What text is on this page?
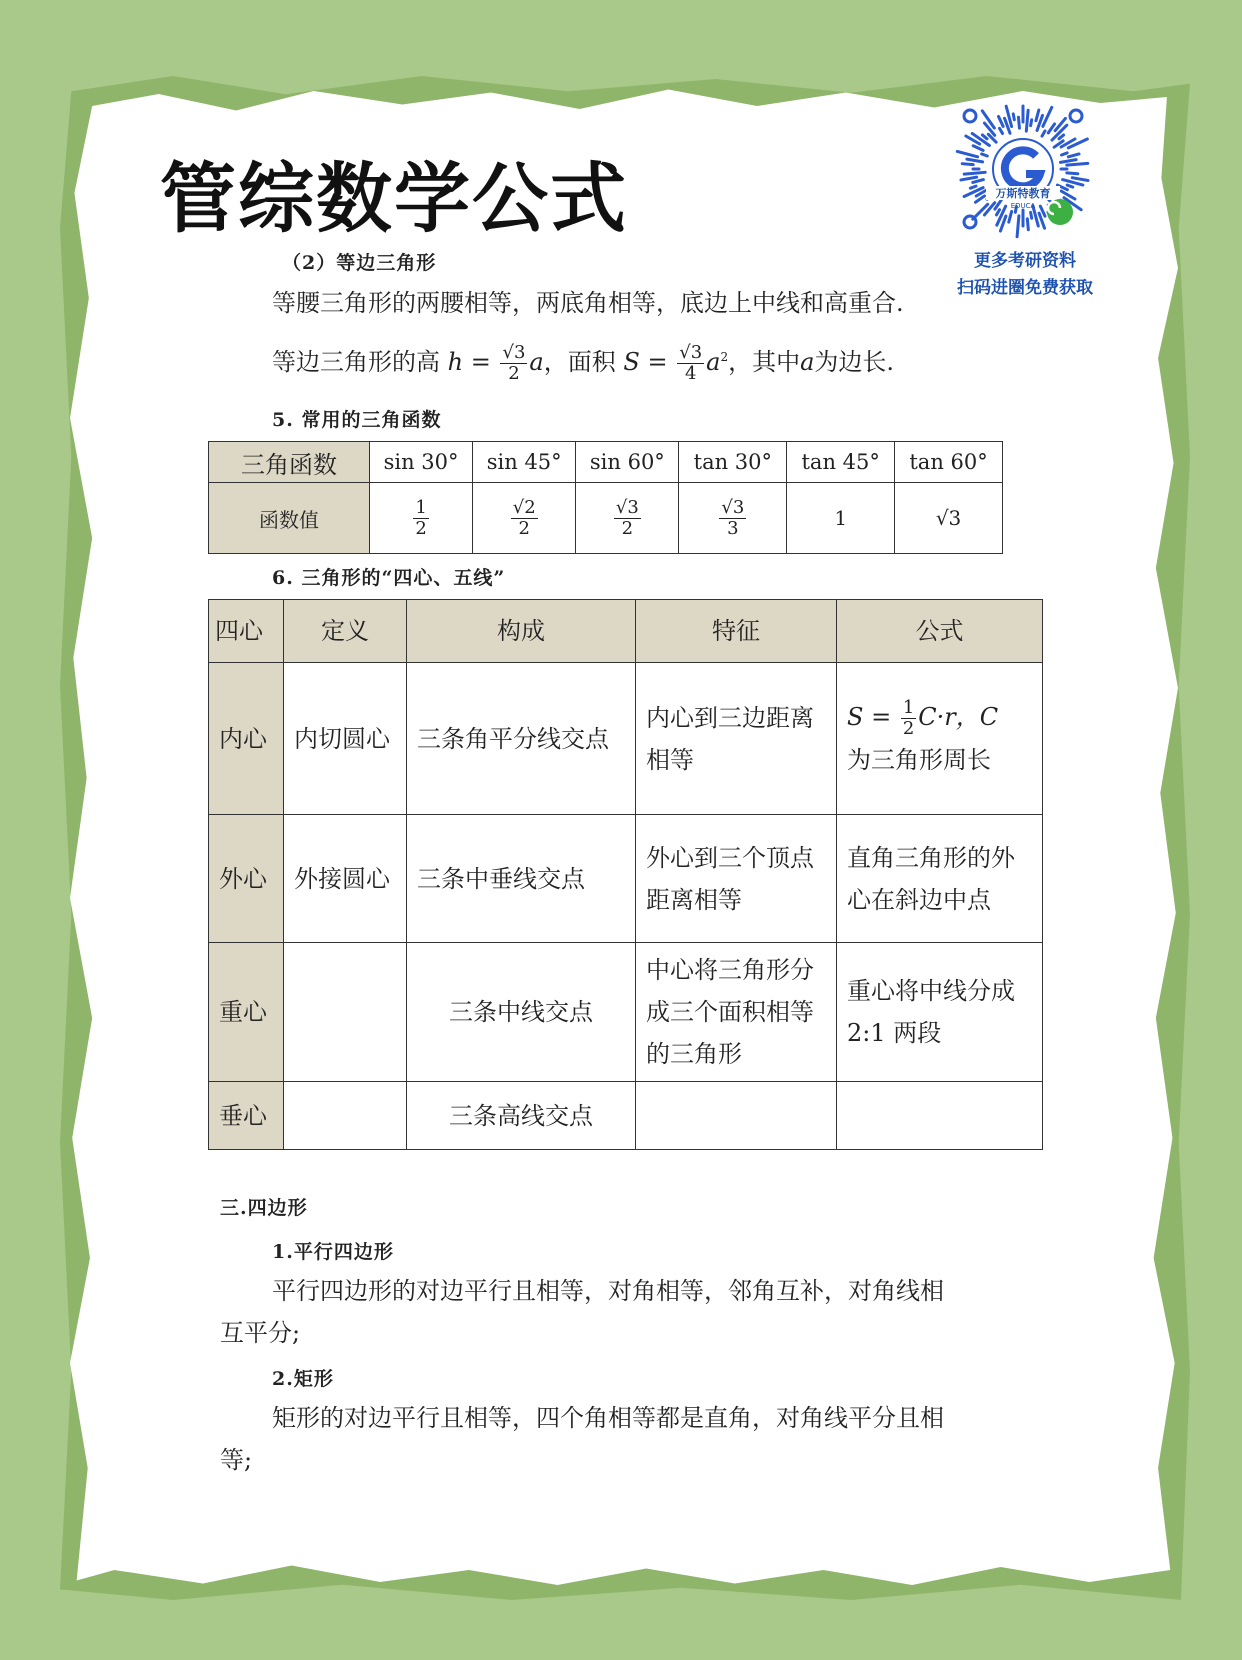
管综数学公式	万斯特教育
EDUCA
更多考研资料
扫码进圈免费获取
（2）等边三角形
等腰三角形的两腰相等，两底角相等，底边上中线和高重合.
等边三角形的高 $h = \frac{√3}{2}$ a，面积 $S = \frac{√3}{4} a^2$，其中a为边长.
5. 常用的三角函数
三角函数	sin 30°	sin 45°	sin 60°	tan 30°	tan 45°	tan 60°
函数值	$\frac{1}{2}$	$\frac{√2}{2}$	$\frac{√3}{2}$	$\frac{√3}{3}$	1	√3
6. 三角形的“四心、五线”
四心	定义	构成	特征	公式
内心	内切圆心	三条角平分线交点	内心到三边距离相等	$S = \frac{1}{2} C\cdot r$，C
为三角形周长
外心	外接圆心	三条中垂线交点	外心到三个顶点距离相等	直角三角形的外心在斜边中点
重心		三条中线交点	中心将三角形分成三个面积相等的三角形	重心将中线分成 2:1 两段
垂心		三条高线交点		
三.四边形
1.平行四边形
平行四边形的对边平行且相等，对角相等，邻角互补，对角线相
互平分;
2.矩形
矩形的对边平行且相等，四个角相等都是直角，对角线平分且相
等;
